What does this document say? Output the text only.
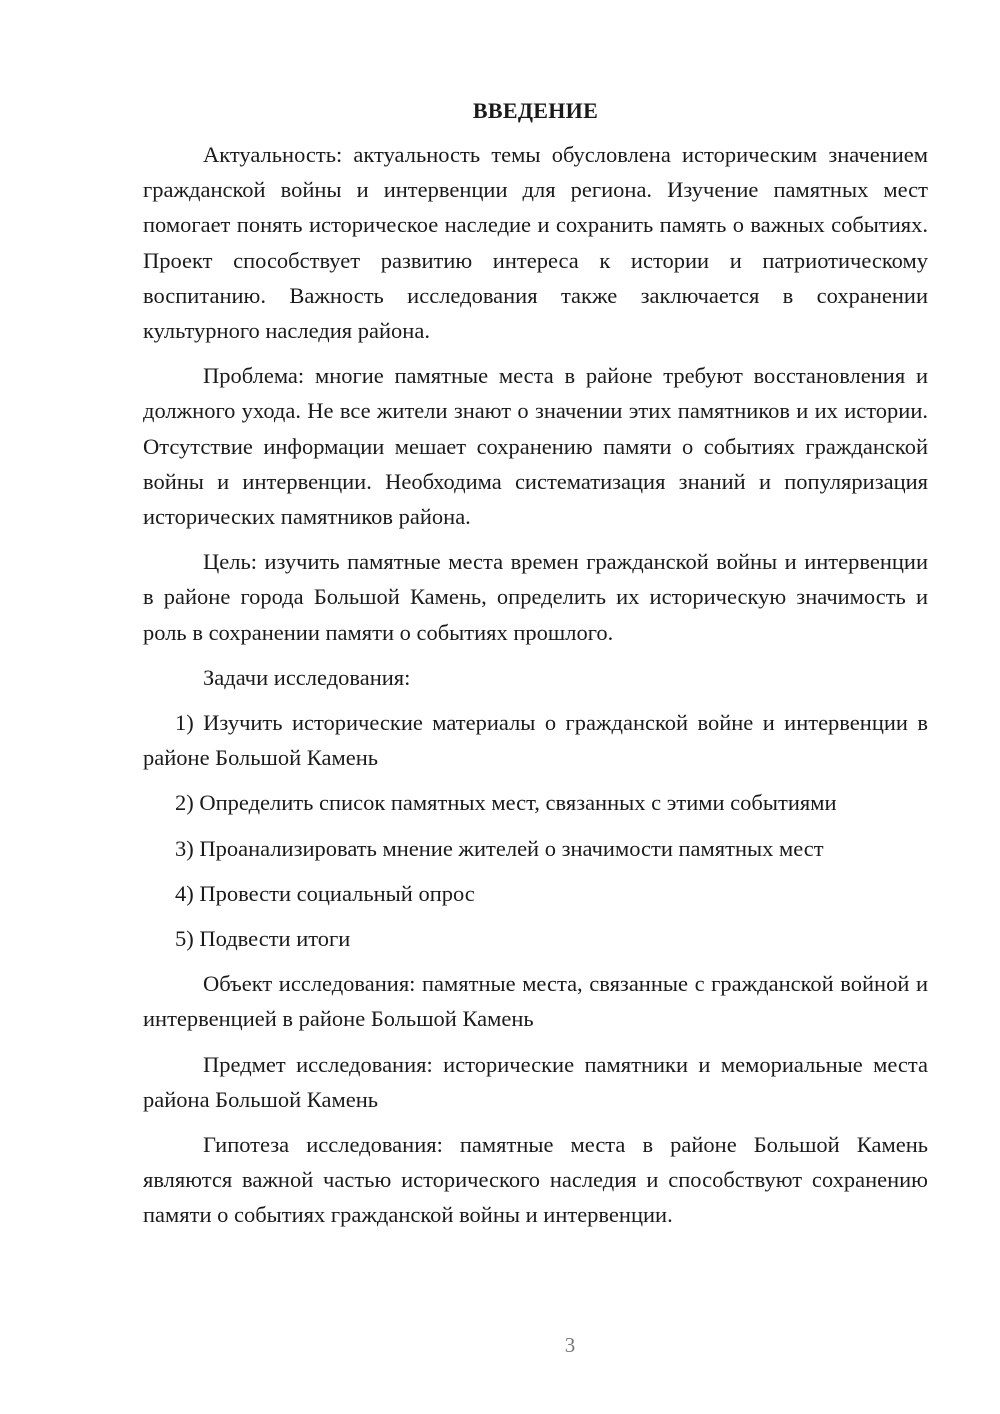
ВВЕДЕНИЕ

Актуальность: актуальность темы обусловлена историческим значением гражданской войны и интервенции для региона. Изучение памятных мест помогает понять историческое наследие и сохранить память о важных событиях. Проект способствует развитию интереса к истории и патриотическому воспитанию. Важность исследования также заключается в сохранении культурного наследия района.

Проблема: многие памятные места в районе требуют восстановления и должного ухода. Не все жители знают о значении этих памятников и их истории. Отсутствие информации мешает сохранению памяти о событиях гражданской войны и интервенции. Необходима систематизация знаний и популяризация исторических памятников района.

Цель: изучить памятные места времен гражданской войны и интервенции в районе города Большой Камень, определить их историческую значимость и роль в сохранении памяти о событиях прошлого.

Задачи исследования:

1) Изучить исторические материалы о гражданской войне и интервенции в районе Большой Камень

2) Определить список памятных мест, связанных с этими событиями

3) Проанализировать мнение жителей о значимости памятных мест

4) Провести социальный опрос

5) Подвести итоги

Объект исследования: памятные места, связанные с гражданской войной и интервенцией в районе Большой Камень

Предмет исследования: исторические памятники и мемориальные места района Большой Камень

Гипотеза исследования: памятные места в районе Большой Камень являются важной частью исторического наследия и способствуют сохранению памяти о событиях гражданской войны и интервенции.

3
